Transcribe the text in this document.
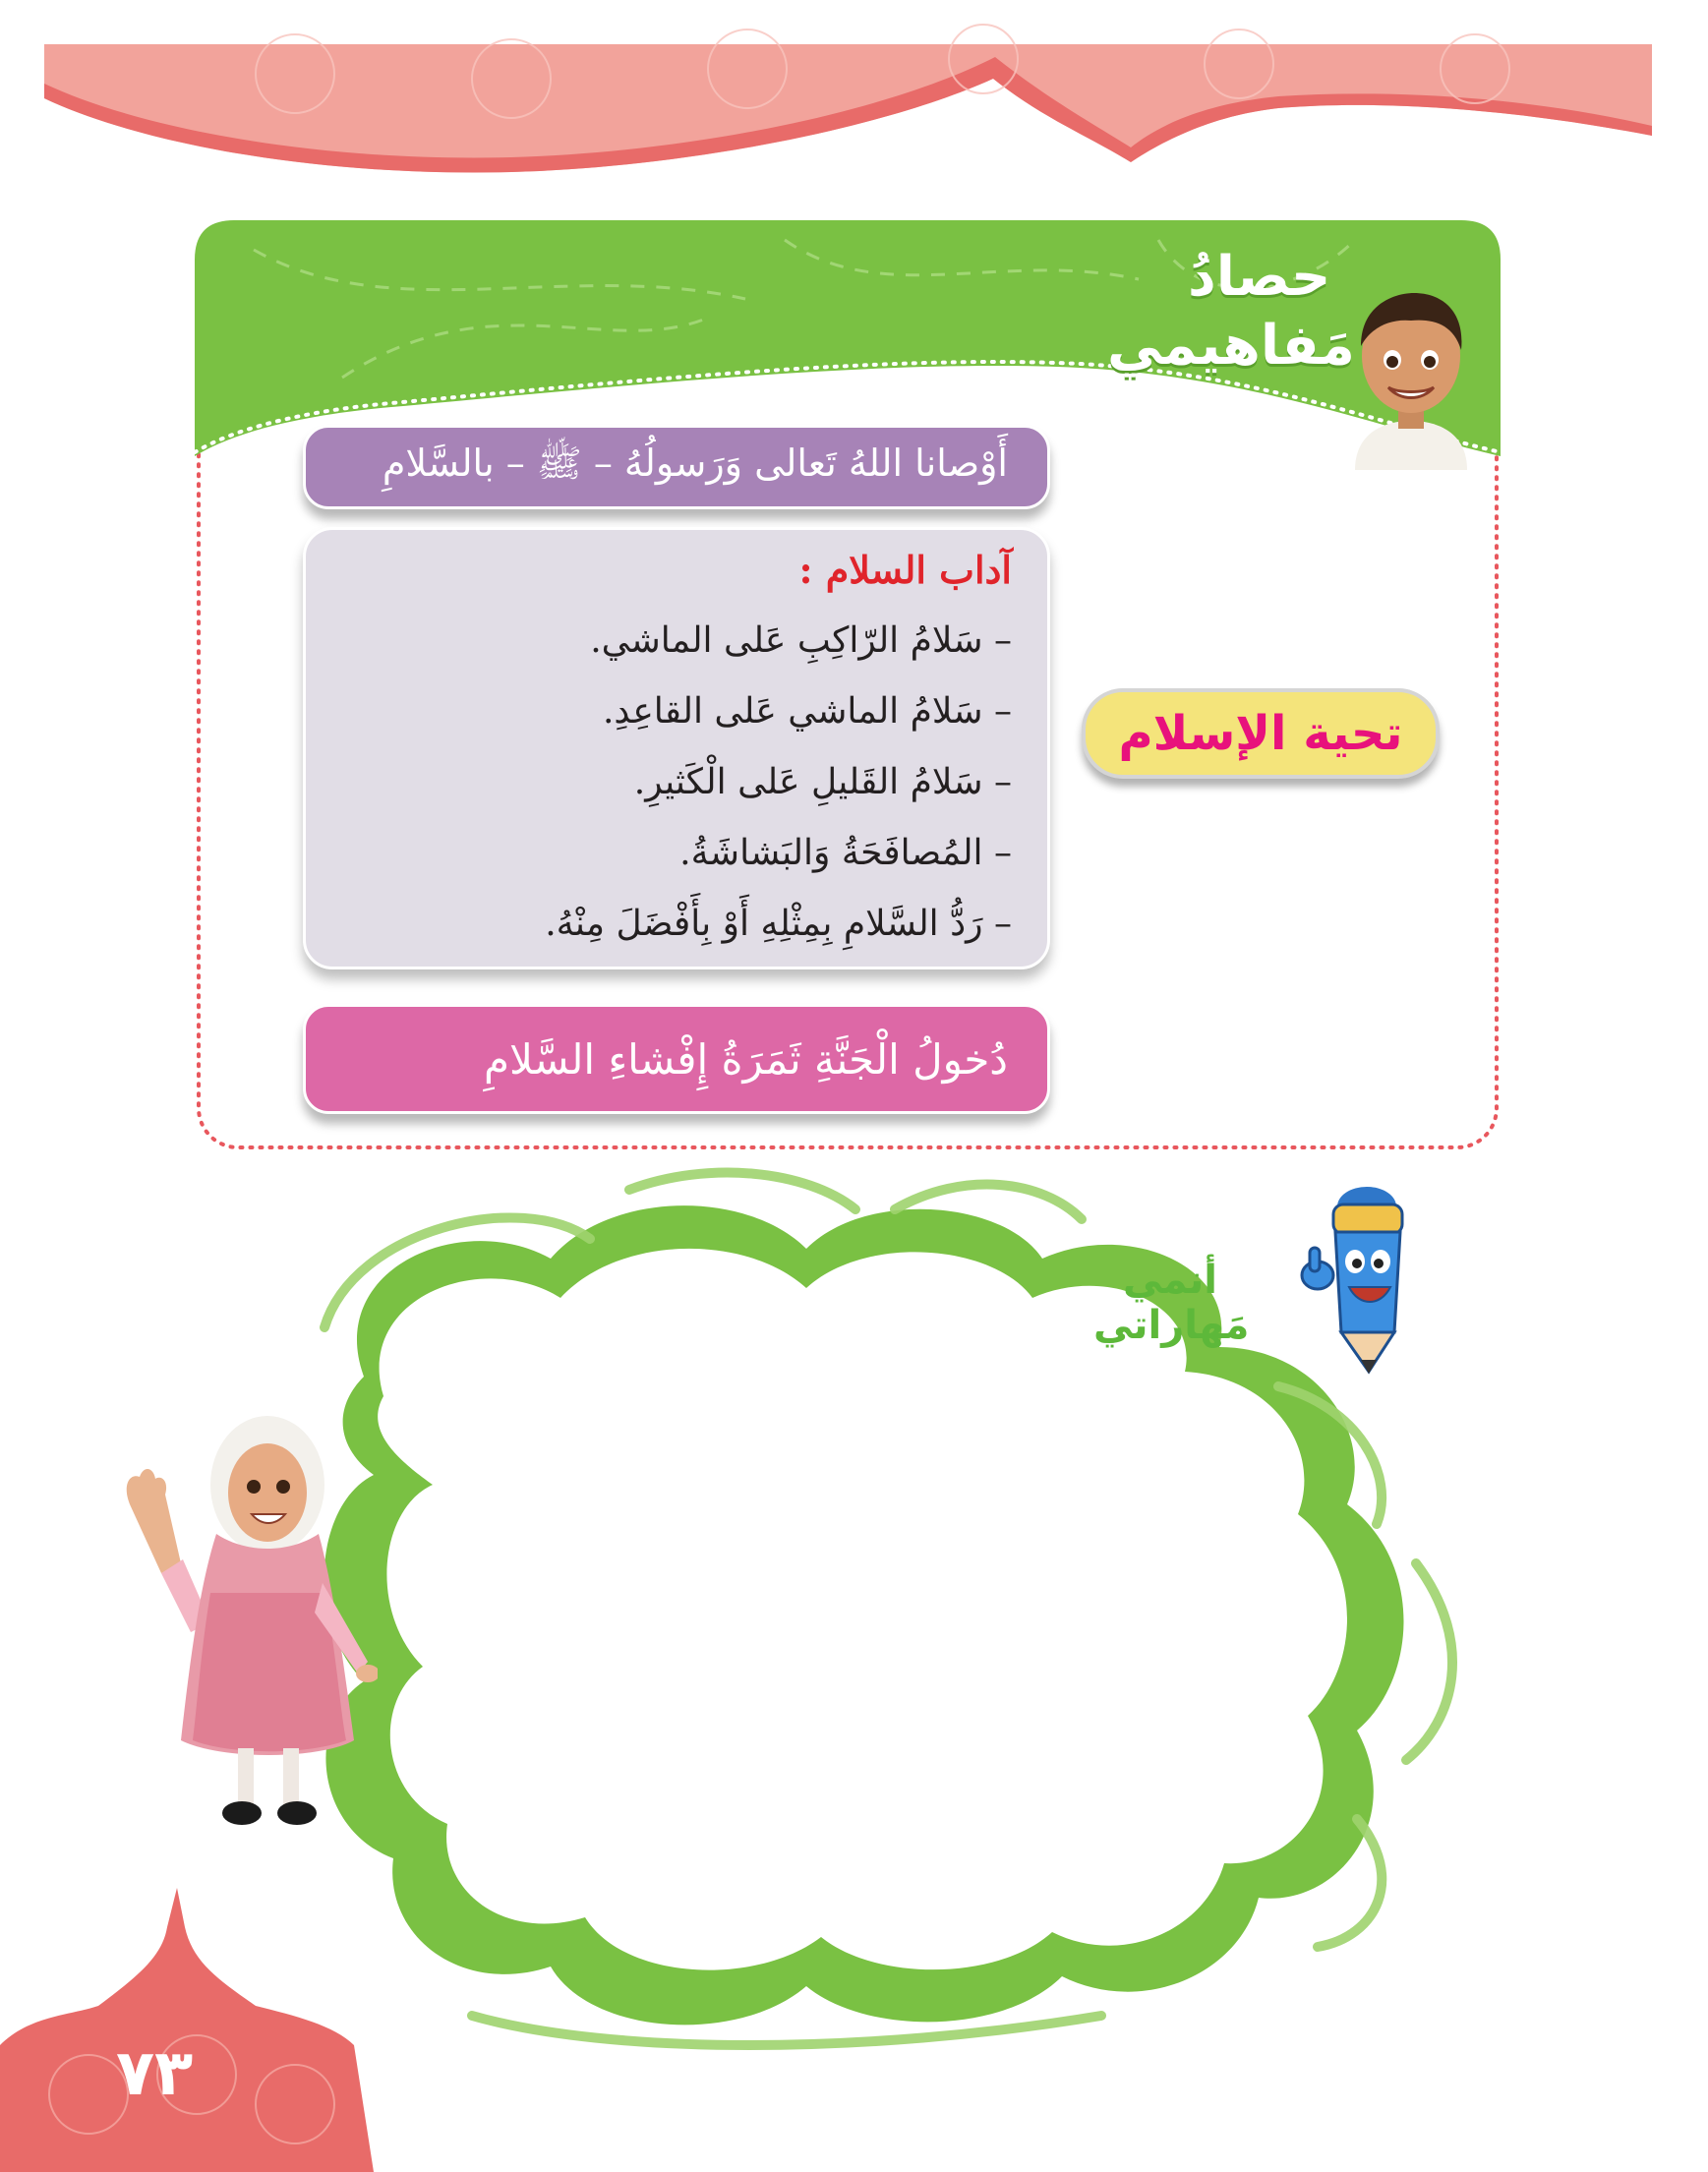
حصادُ
مَفاهيمي
أَوْصانا اللهُ تَعالى وَرَسولُهُ – ﷺ – بالسَّلامِ
آداب السلام :
– سَلامُ الرّاكِبِ عَلى الماشي.
– سَلامُ الماشي عَلى القاعِدِ.
– سَلامُ القَليلِ عَلى الْكَثيرِ.
– المُصافَحَةُ وَالبَشاشَةُ.
– رَدُّ السَّلامِ بِمِثْلِهِ أَوْ بِأَفْضَلَ مِنْهُ.
تحية الإسلام
دُخولُ الْجَنَّةِ ثَمَرَةُ إِفْشاءِ السَّلامِ
أنمي
مَهاراتي
٧٣
